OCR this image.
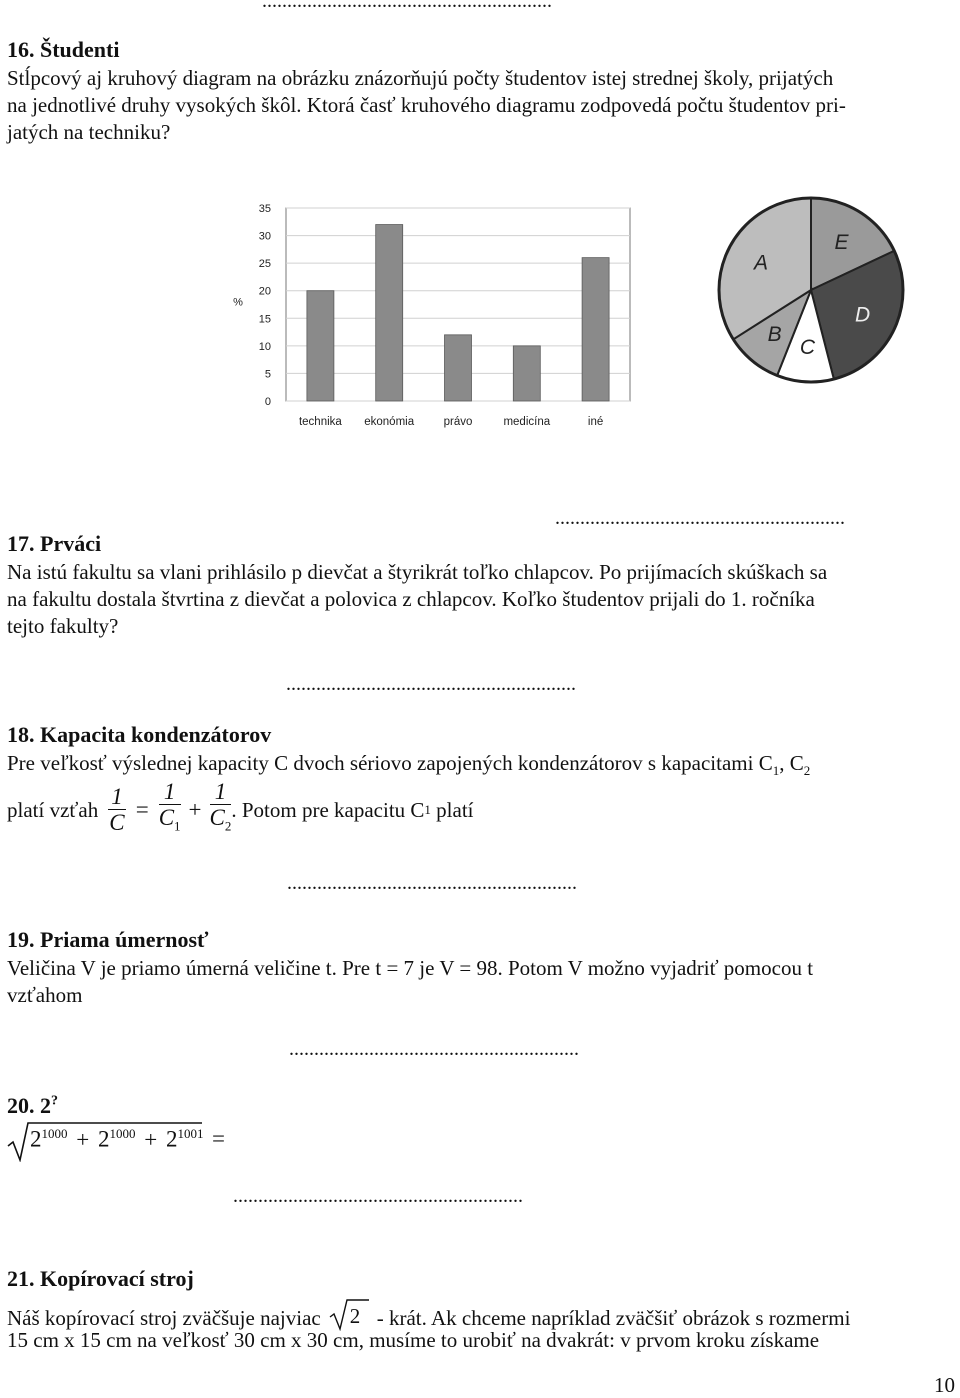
..........................................................
16. Študenti
Stĺpcový aj kruhový diagram na obrázku znázorňujú počty študentov istej strednej školy, prijatých
na jednotlivé druhy vysokých škôl. Ktorá časť kruhového diagramu zodpovedá počtu študentov pri-
jatých na techniku?
0
5
10
15
20
25
30
35
%
technika ekonómia	právo	medicína	iné
E
D
C
B
A
..........................................................
17. Prváci
Na istú fakultu sa vlani prihlásilo p dievčat a štyrikrát toľko chlapcov. Po prijímacích skúškach sa
na fakultu dostala štvrtina z dievčat a polovica z chlapcov. Koľko študentov prijali do 1. ročníka
tejto fakulty?
..........................................................
18. Kapacita kondenzátorov
Pre veľkosť výslednej kapacity C dvoch sériovo zapojených kondenzátorov s kapacitami $C_1$, $C_2$
platí vzťah $\frac{1}{C} = \frac{1}{C_1} + \frac{1}{C_2}$ . Potom pre kapacitu C 1 platí
..........................................................
19. Priama úmernosť
Veličina V je priamo úmerná veličine t. Pre t = 7 je V = 98. Potom V možno vyjadriť pomocou t
vzťahom
..........................................................
20. 2?
$2^{1000} + 2^{1000} + 2^{1001}$ =
..........................................................
21. Kopírovací stroj
Náš kopírovací stroj zväčšuje najviac 2 - krát. Ak chceme napríklad zväčšiť obrázok s rozmermi
15 cm x 15 cm na veľkosť 30 cm x 30 cm, musíme to urobiť na dvakrát: v prvom kroku získame
10
